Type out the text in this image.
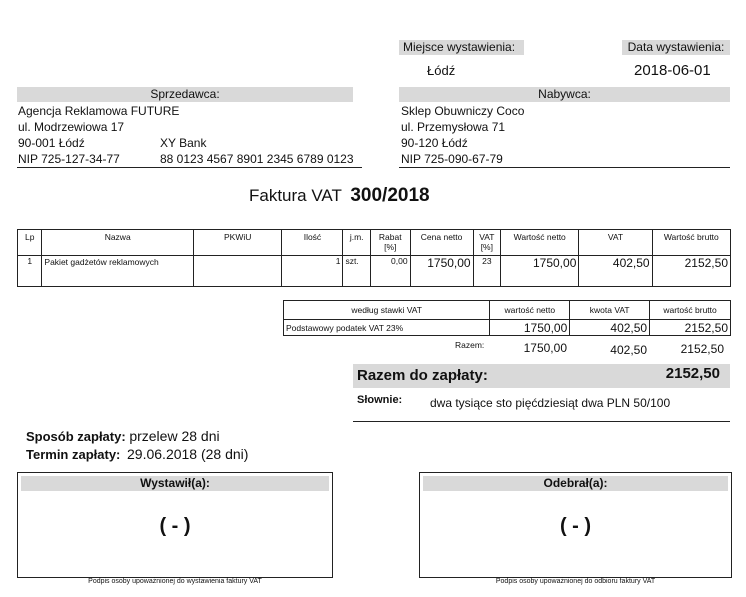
Miejsce wystawienia:
Łódź
Data wystawienia:
2018-06-01
Sprzedawca:
Agencja Reklamowa FUTURE
ul. Modrzewiowa 17
90-001 Łódź	XY Bank
NIP 725-127-34-77	88 0123 4567 8901 2345 6789 0123
Nabywca:
Sklep Obuwniczy Coco
ul. Przemysłowa 71
90-120 Łódź
NIP 725-090-67-79
Faktura VAT 300/2018
Lp	Nazwa	PKWiU	Ilość	j.m.	Rabat [%]	Cena netto	VAT [%]	Wartość netto	VAT	Wartość brutto
1	Pakiet gadżetów reklamowych		1	szt.	0,00	1750,00	23	1750,00	402,50	2152,50
według stawki VAT	wartość netto	kwota VAT	wartość brutto
Podstawowy podatek VAT 23%	1750,00	402,50	2152,50
Razem:	1750,00	402,50	2152,50
Razem do zapłaty:	2152,50
Słownie: dwa tysiące sto pięćdziesiąt dwa PLN 50/100
Sposób zapłaty: przelew 28 dni
Termin zapłaty: 29.06.2018 (28 dni)
Wystawił(a):
( - )
Podpis osoby upoważnionej do wystawienia faktury VAT
Odebrał(a):
( - )
Podpis osoby upoważnionej do odbioru faktury VAT
